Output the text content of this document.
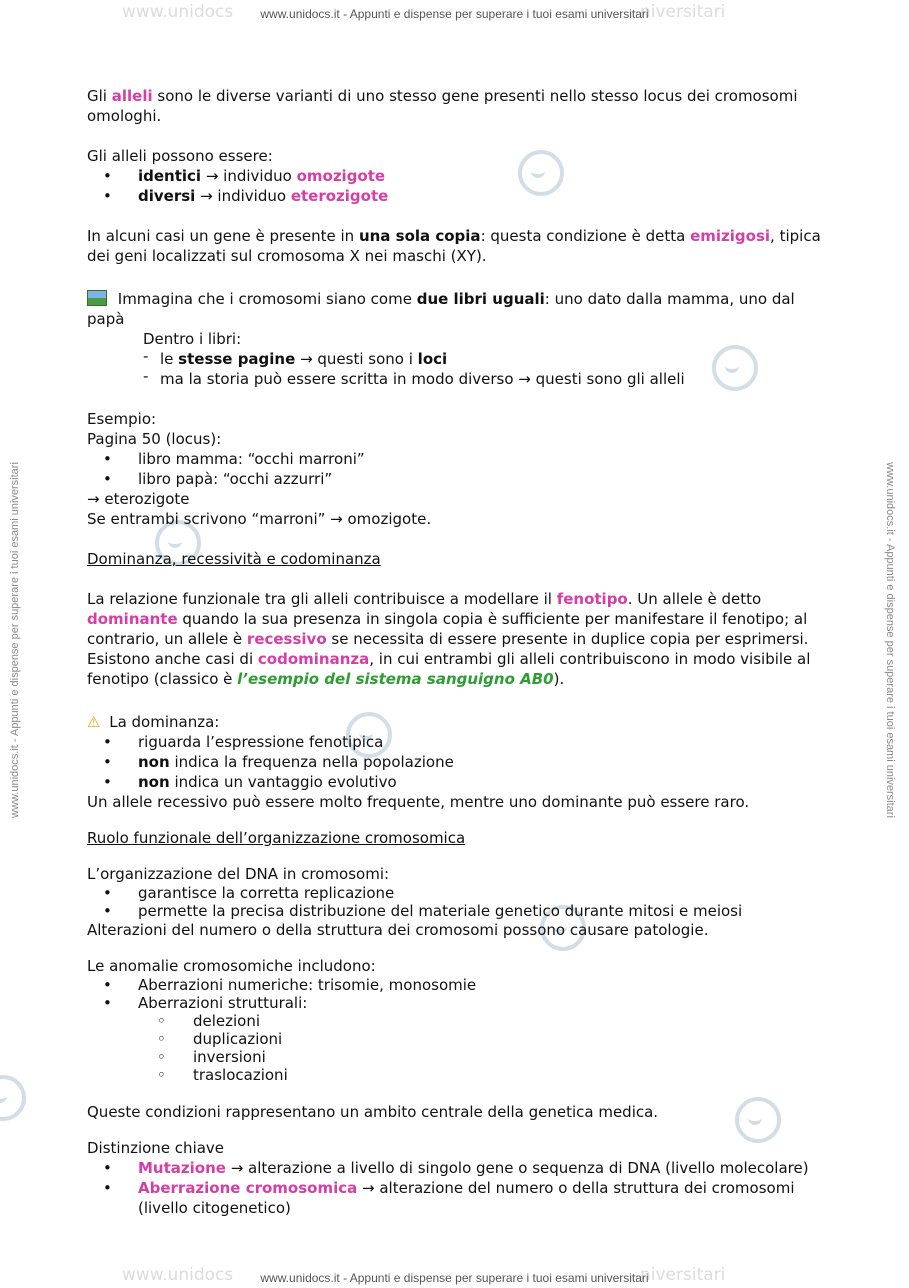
www.unidocs	niversitari
www.unidocs.it - Appunti e dispense per superare i tuoi esami universitari
www.unidocs	niversitari
www.unidocs.it - Appunti e dispense per superare i tuoi esami universitari
www.unidocs.it - Appunti e dispense per superare i tuoi esami universitari	www.unidocs.it - Appunti e dispense per superare i tuoi esami universitari

Gli alleli sono le diverse varianti di uno stesso gene presenti nello stesso locus dei cromosomi
omologhi.

Gli alleli possono essere:

• identici → individuo omozigote
• diversi → individuo eterozigote

In alcuni casi un gene è presente in una sola copia: questa condizione è detta emizigosi, tipica
dei geni localizzati sul cromosoma X nei maschi (XY).

Immagina che i cromosomi siano come due libri uguali: uno dato dalla mamma, uno dal papà

Dentro i libri:

- le stesse pagine → questi sono i loci
- ma la storia può essere scritta in modo diverso → questi sono gli alleli

Esempio:

Pagina 50 (locus):

• libro mamma: “occhi marroni”
• libro papà: “occhi azzurri”

→ eterozigote

Se entrambi scrivono “marroni” → omozigote.

Dominanza, recessività e codominanza

La relazione funzionale tra gli alleli contribuisce a modellare il fenotipo. Un allele è detto
dominante quando la sua presenza in singola copia è sufficiente per manifestare il fenotipo; al
contrario, un allele è recessivo se necessita di essere presente in duplice copia per esprimersi.
Esistono anche casi di codominanza, in cui entrambi gli alleli contribuiscono in modo visibile al
fenotipo (classico è l’esempio del sistema sanguigno AB0).

⚠ La dominanza:

• riguarda l’espressione fenotipica
• non indica la frequenza nella popolazione
• non indica un vantaggio evolutivo

Un allele recessivo può essere molto frequente, mentre uno dominante può essere raro.

Ruolo funzionale dell’organizzazione cromosomica

L’organizzazione del DNA in cromosomi:

• garantisce la corretta replicazione
• permette la precisa distribuzione del materiale genetico durante mitosi e meiosi

Alterazioni del numero o della struttura dei cromosomi possono causare patologie.

Le anomalie cromosomiche includono:

• Aberrazioni numeriche: trisomie, monosomie
• Aberrazioni strutturali:
◦ delezioni
◦ duplicazioni
◦ inversioni
◦ traslocazioni

Queste condizioni rappresentano un ambito centrale della genetica medica.

Distinzione chiave

• Mutazione → alterazione a livello di singolo gene o sequenza di DNA (livello molecolare)
• Aberrazione cromosomica → alterazione del numero o della struttura dei cromosomi
(livello citogenetico)
